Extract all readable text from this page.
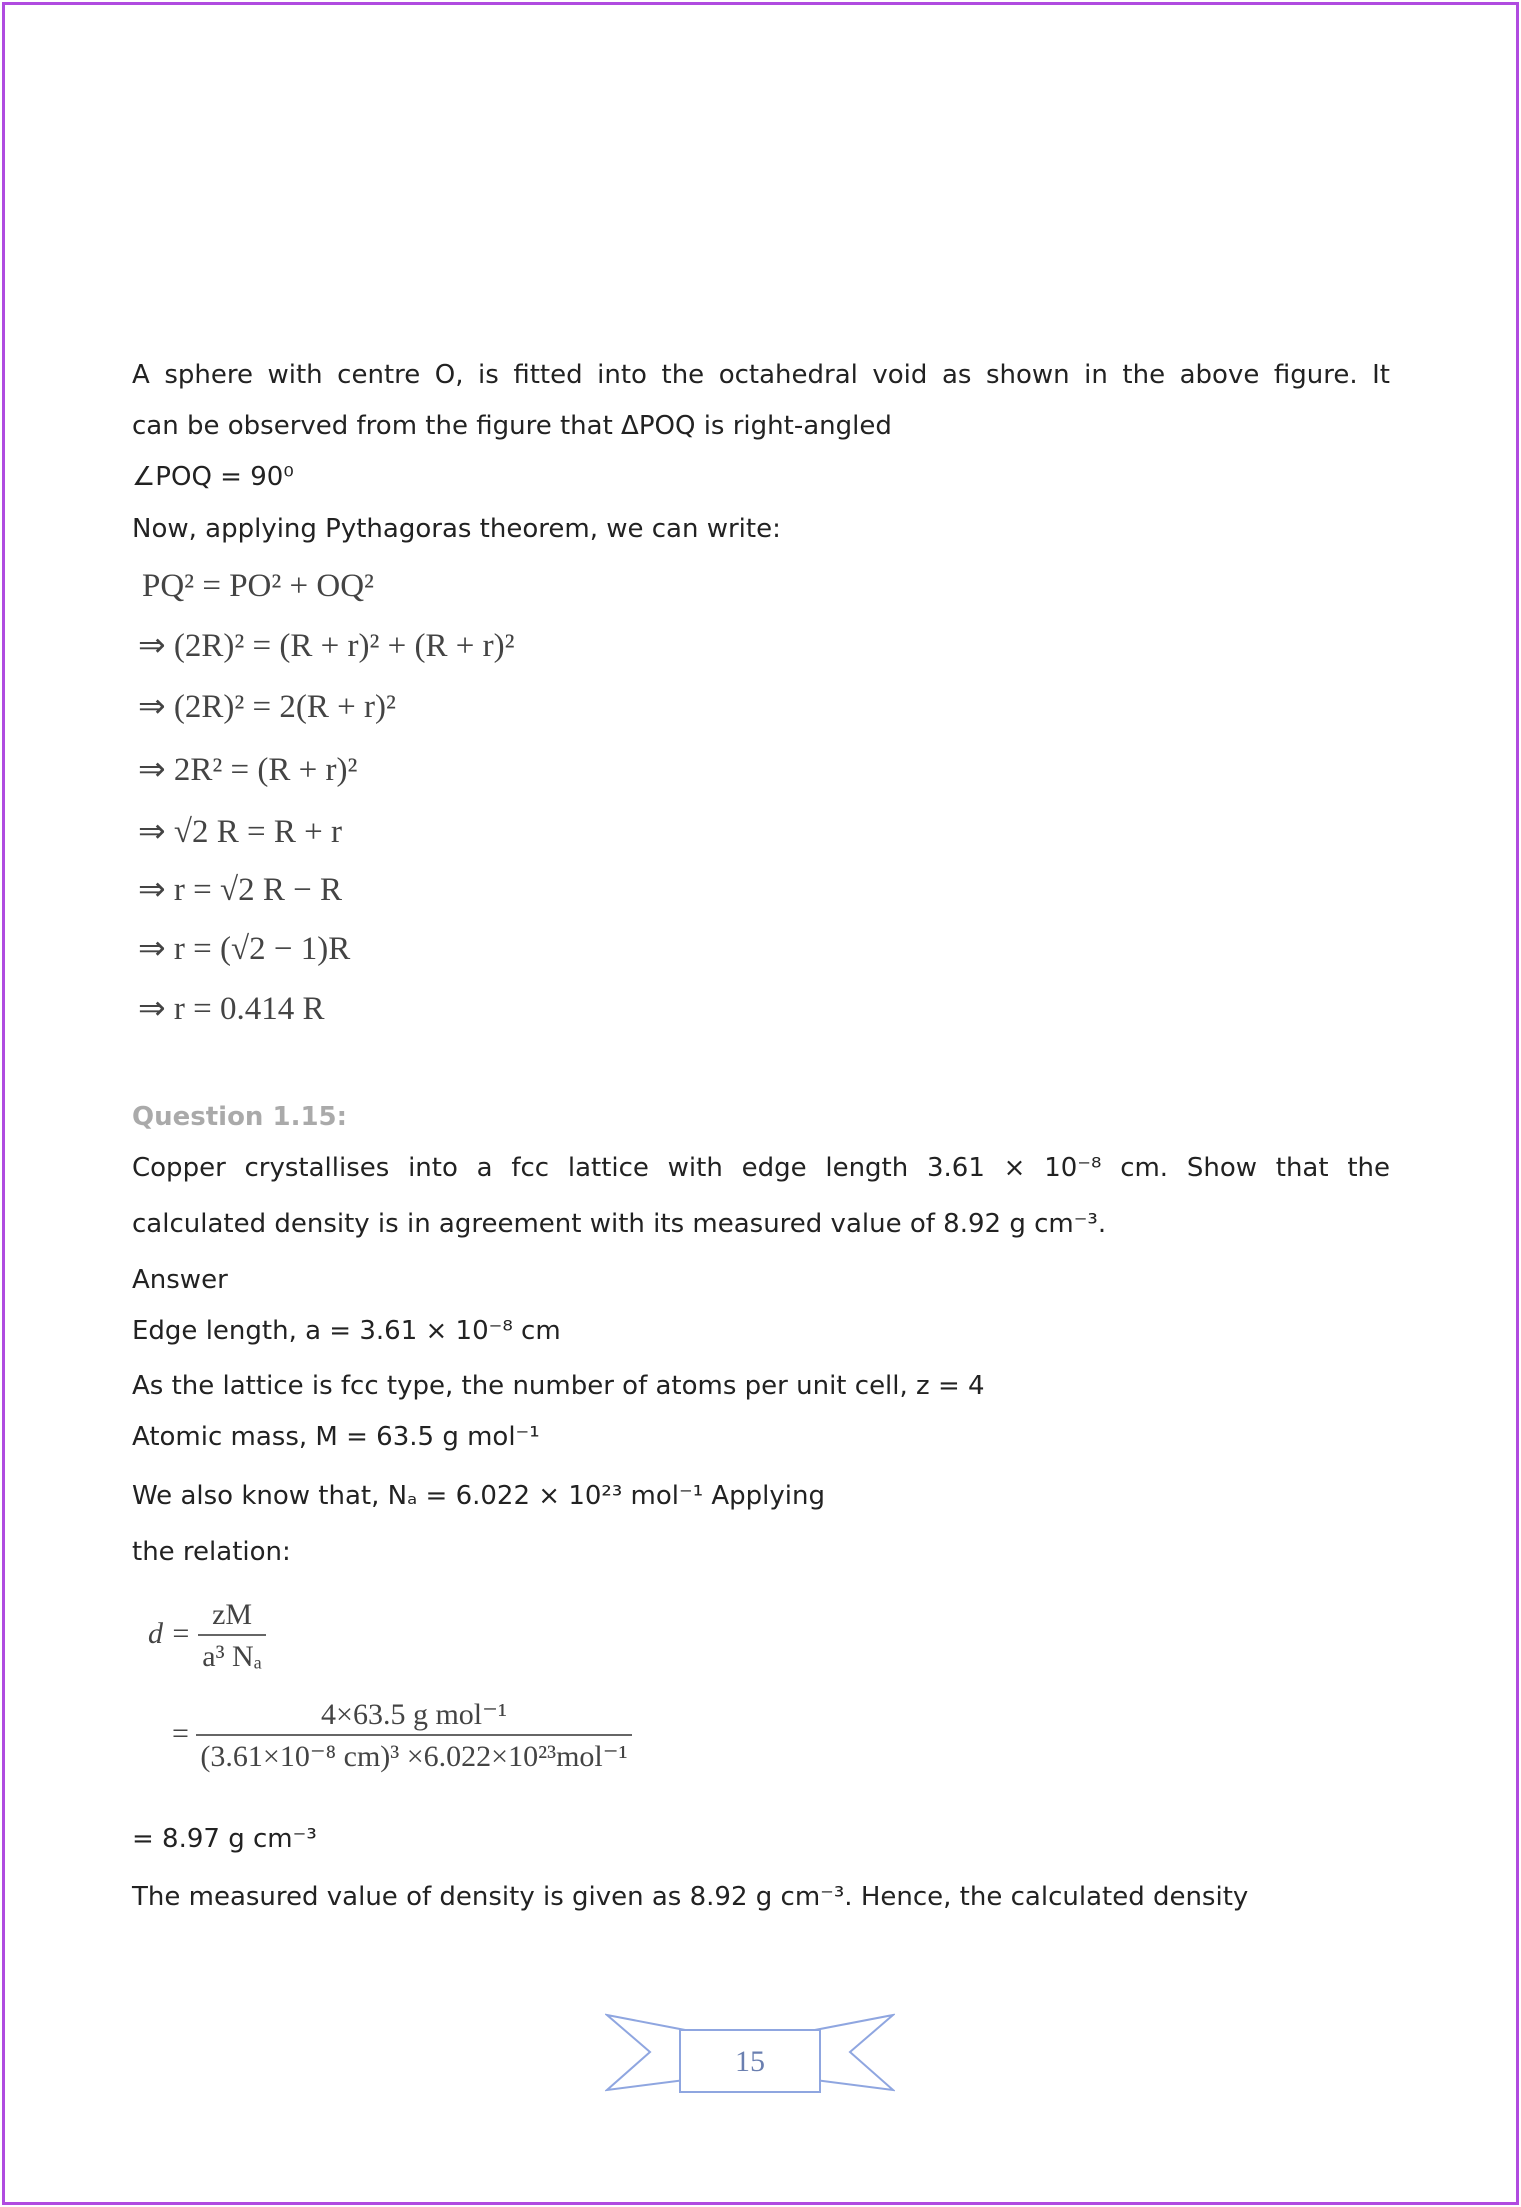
A sphere with centre O, is fitted into the octahedral void as shown in the above figure. It
can be observed from the figure that ΔPOQ is right-angled
∠POQ = 90⁰
Now, applying Pythagoras theorem, we can write:
PQ² = PO² + OQ²
⇒ (2R)² = (R + r)² + (R + r)²
⇒ (2R)² = 2(R + r)²
⇒ 2R² = (R + r)²
⇒ √2 R = R + r
⇒ r = √2 R − R
⇒ r = (√2 − 1)R
⇒ r = 0.414 R
Question 1.15:
Copper crystallises into a fcc lattice with edge length 3.61 × 10⁻⁸ cm. Show that the
calculated density is in agreement with its measured value of 8.92 g cm⁻³.
Answer
Edge length, a = 3.61 × 10⁻⁸ cm
As the lattice is fcc type, the number of atoms per unit cell, z = 4
Atomic mass, M = 63.5 g mol⁻¹
We also know that, Nₐ = 6.022 × 10²³ mol⁻¹ Applying
the relation:
$d = \frac{zM}{\text{a³ Nₐ}}$
= $\frac{\text{4×63.5 g mol⁻¹}}{\text{(3.61×10⁻⁸ cm)³ ×6.022×10²³mol⁻¹}}$
= 8.97 g cm⁻³
The measured value of density is given as 8.92 g cm⁻³. Hence, the calculated density
15
